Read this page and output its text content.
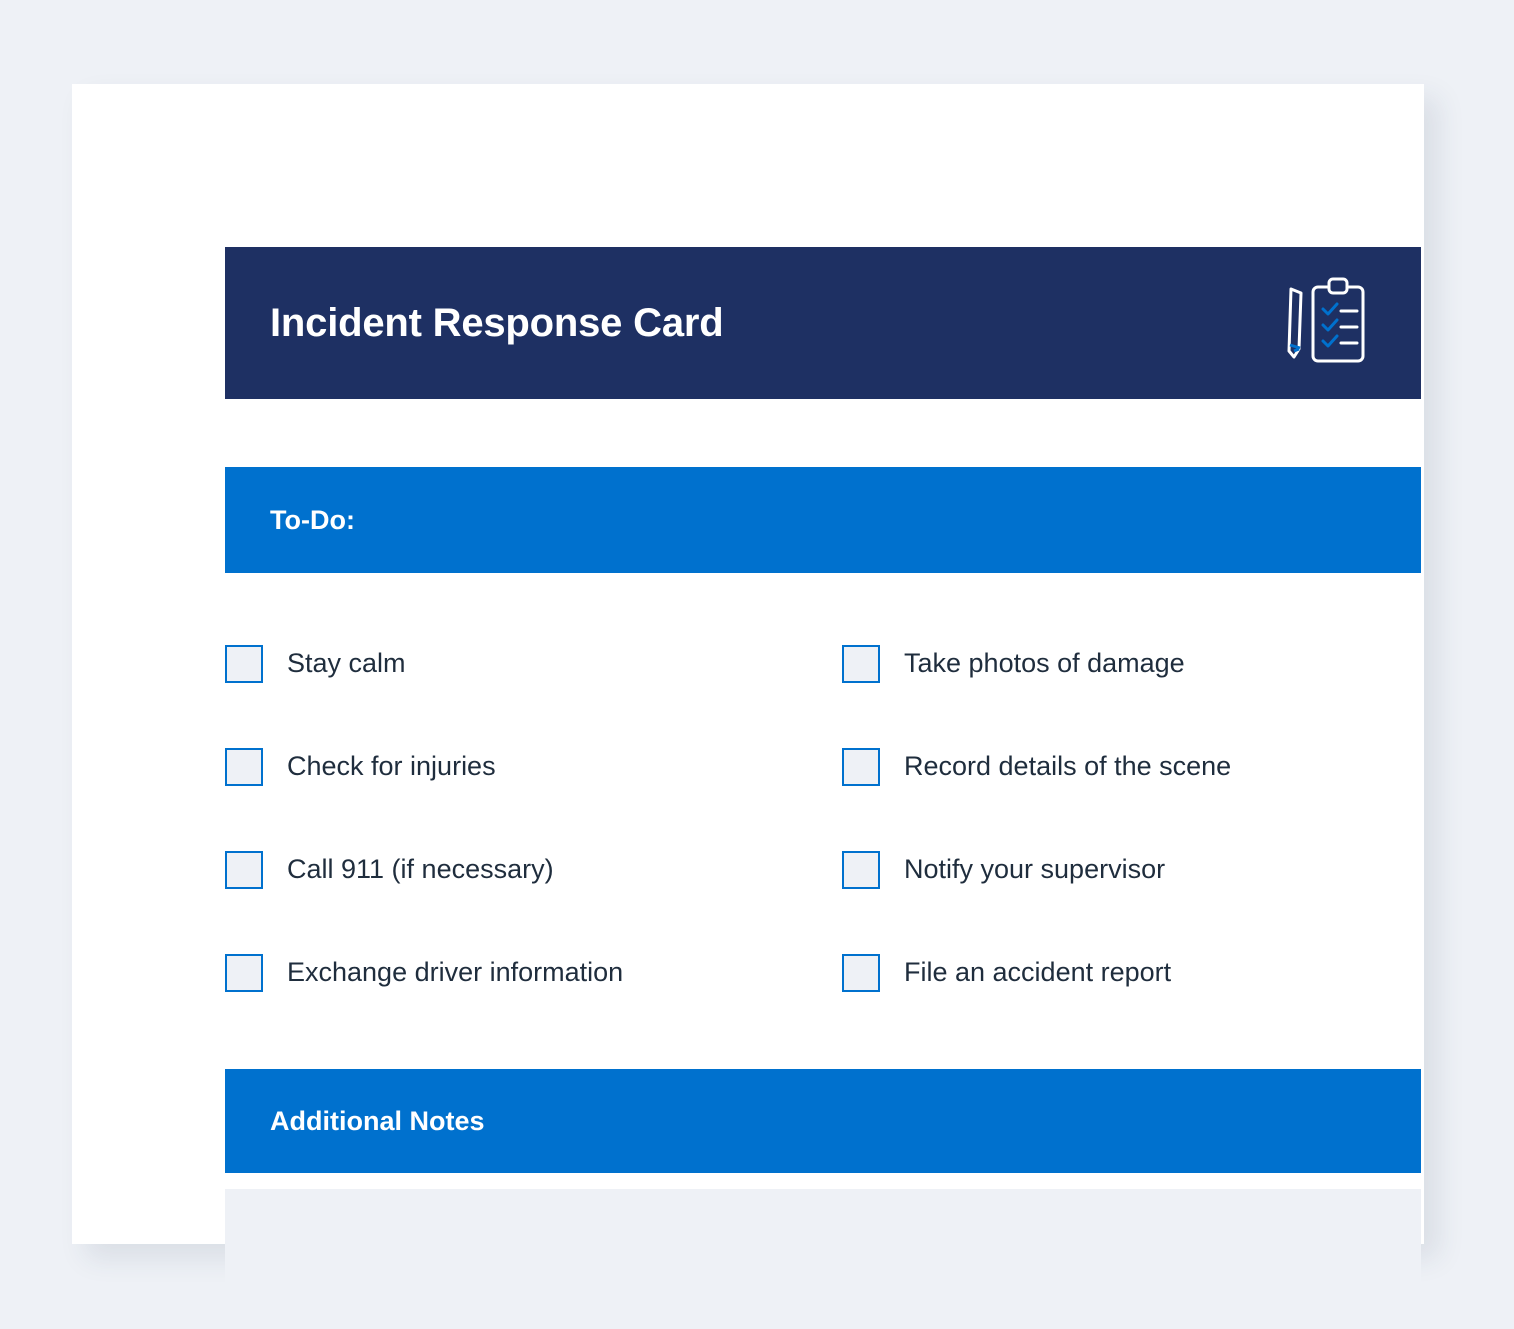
Incident Response Card
To-Do:
Stay calm	Take photos of damage
Check for injuries	Record details of the scene
Call 911 (if necessary)	Notify your supervisor
Exchange driver information	File an accident report
Additional Notes
